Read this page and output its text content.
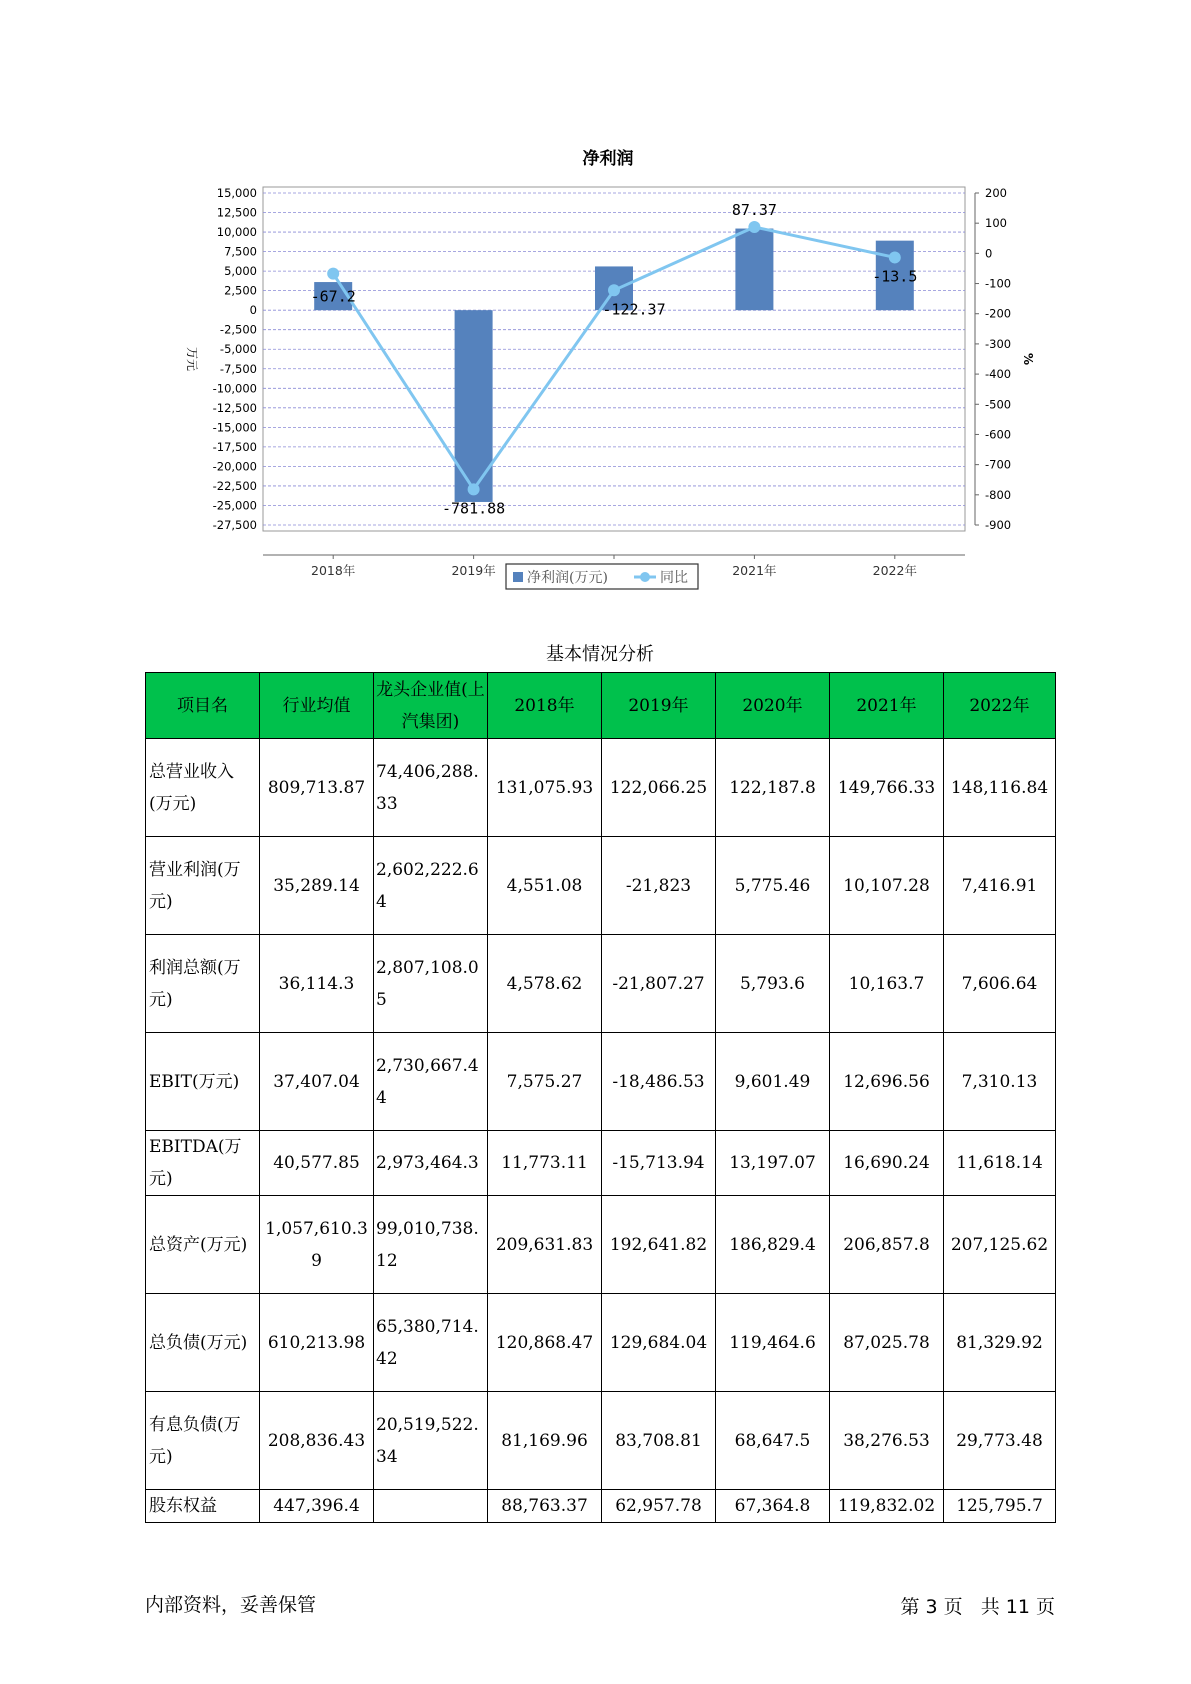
净利润
15,000
12,500
10,000
7,500
5,000
2,500
0
-2,500
-5,000
-7,500
-10,000
-12,500
-15,000
-17,500
-20,000
-22,500
-25,000
-27,500
200
100
0
-100
-200
-300
-400
-500
-600
-700
-800
-900
万元	%
2018年	2019年	2021年	2022年
-67.2
-781.88
-122.37
87.37
-13.5
净利润(万元)	同比
基本情况分析
项目名	行业均值	龙头企业值(上汽集团)	2018年	2019年	2020年	2021年	2022年
总营业收入(万元)	809,713.87	74,406,288.33	131,075.93	122,066.25	122,187.8	149,766.33	148,116.84
营业利润(万元)	35,289.14	2,602,222.64	4,551.08	-21,823	5,775.46	10,107.28	7,416.91
利润总额(万元)	36,114.3	2,807,108.05	4,578.62	-21,807.27	5,793.6	10,163.7	7,606.64
EBIT(万元)	37,407.04	2,730,667.44	7,575.27	-18,486.53	9,601.49	12,696.56	7,310.13
EBITDA(万元)	40,577.85	2,973,464.3	11,773.11	-15,713.94	13,197.07	16,690.24	11,618.14
总资产(万元)	1,057,610.39	99,010,738.12	209,631.83	192,641.82	186,829.4	206,857.8	207,125.62
总负债(万元)	610,213.98	65,380,714.42	120,868.47	129,684.04	119,464.6	87,025.78	81,329.92
有息负债(万元)	208,836.43	20,519,522.34	81,169.96	83,708.81	68,647.5	38,276.53	29,773.48
股东权益	447,396.4		88,763.37	62,957.78	67,364.8	119,832.02	125,795.7
内部资料，妥善保管	第 3 页 共 11 页
